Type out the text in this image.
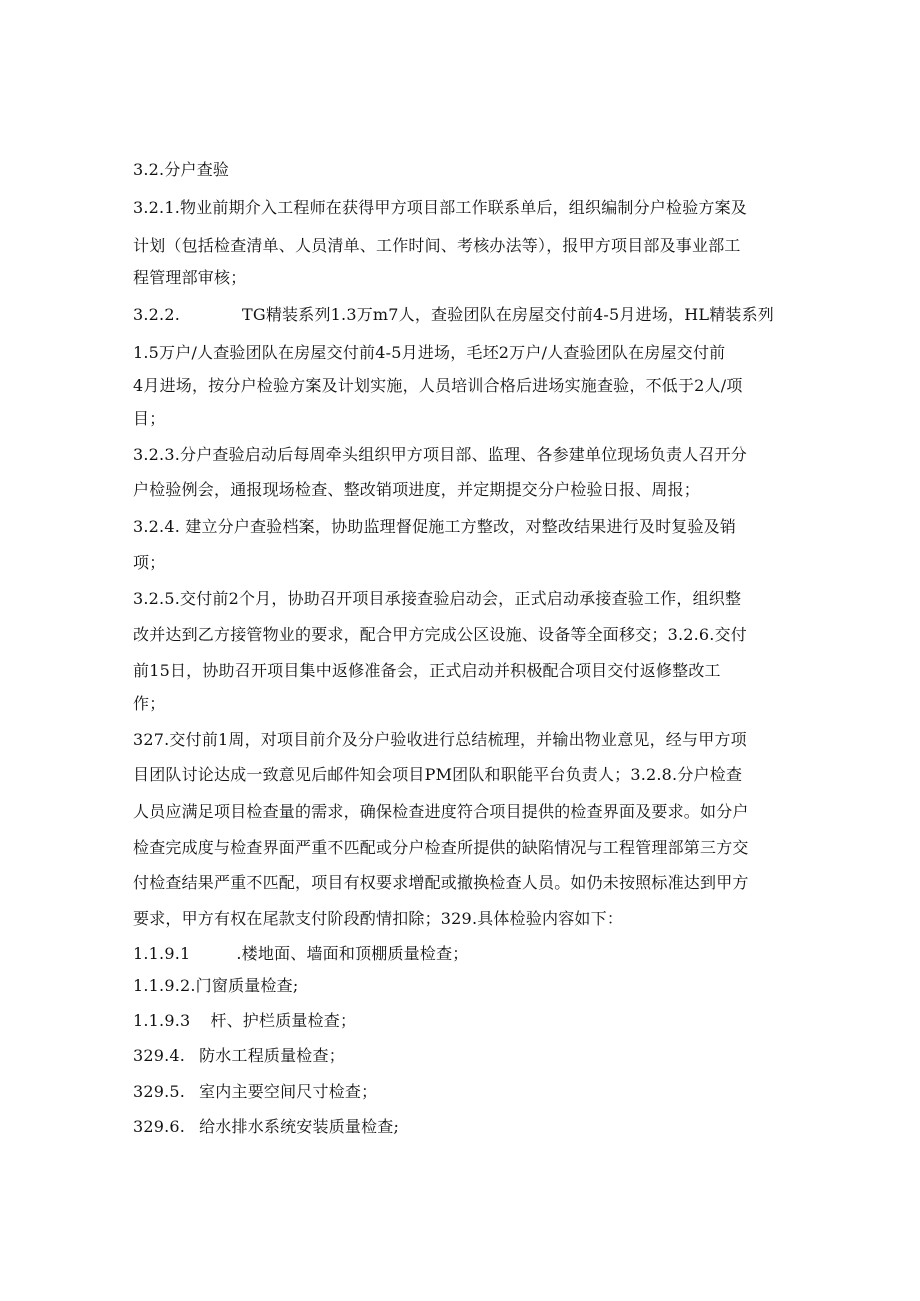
3.2.分户查验
3.2.1.物业前期介入工程师在获得甲方项目部工作联系单后，组织编制分户检验方案及
计划（包括检查清单、人员清单、工作时间、考核办法等），报甲方项目部及事业部工
程管理部审核；
3.2.2.	TG精装系列1.3万m7人，查验团队在房屋交付前4-5月进场，HL精装系列
1.5万户/人查验团队在房屋交付前4-5月进场，毛坯2万户/人查验团队在房屋交付前
4月进场，按分户检验方案及计划实施，人员培训合格后进场实施查验，不低于2人/项
目；
3.2.3.分户查验启动后每周牵头组织甲方项目部、监理、各参建单位现场负责人召开分
户检验例会，通报现场检查、整改销项进度，并定期提交分户检验日报、周报；
3.2.4. 建立分户查验档案，协助监理督促施工方整改，对整改结果进行及时复验及销
项；
3.2.5.交付前2个月，协助召开项目承接查验启动会，正式启动承接查验工作，组织整
改并达到乙方接管物业的要求，配合甲方完成公区设施、设备等全面移交；3.2.6.交付
前15日，协助召开项目集中返修准备会，正式启动并积极配合项目交付返修整改工
作；
327.交付前1周，对项目前介及分户验收进行总结梳理，并输出物业意见，经与甲方项
目团队讨论达成一致意见后邮件知会项目PM团队和职能平台负责人；3.2.8.分户检查
人员应满足项目检查量的需求，确保检查进度符合项目提供的检查界面及要求。如分户
检查完成度与检查界面严重不匹配或分户检查所提供的缺陷情况与工程管理部第三方交
付检查结果严重不匹配，项目有权要求增配或撤换检查人员。如仍未按照标准达到甲方
要求，甲方有权在尾款支付阶段酌情扣除；329.具体检验内容如下：
1.1.9.1	.楼地面、墙面和顶棚质量检查；
1.1.9.2.门窗质量检查;
1.1.9.3 杆、护栏质量检查；
329.4. 防水工程质量检查；
329.5. 室内主要空间尺寸检查；
329.6. 给水排水系统安装质量检查;
